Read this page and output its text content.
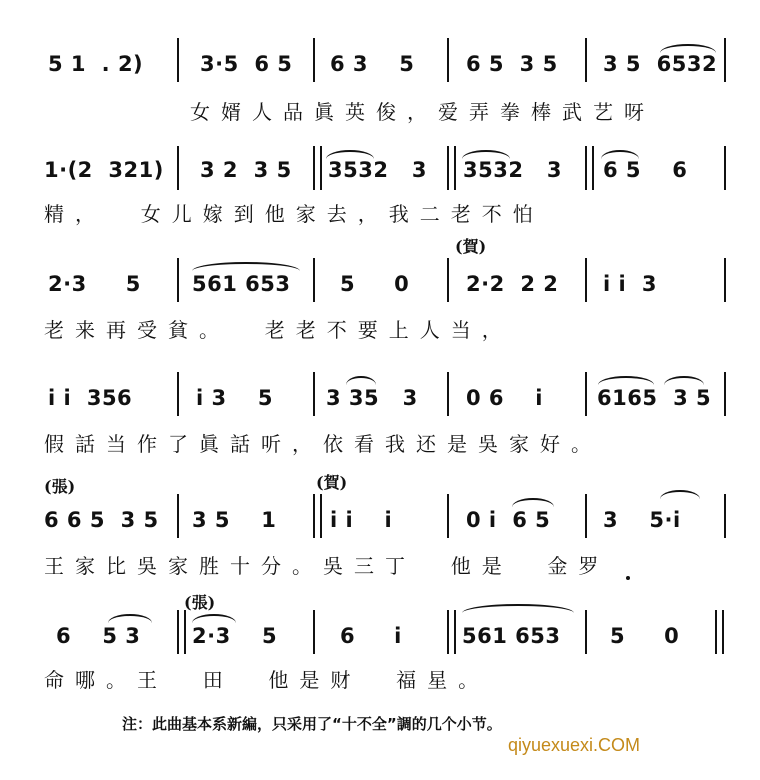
5 1  . 2)	3·5  6 5 6 3    5 6 5  3 5 3 5  6532
女婿人品眞英俊，爱弄拳棒武艺呀
1·(2  321) 3 2  3 5 3532   3 3532   3 6 5    6
精，  女儿嫁到他家去，我二老不怕
(賀)
2·3     5 561 653 5     0	2·2  2 2 i i  3
老来再受貧。  老老不要上人当，
i i  356	i 3    5	3 35   3 0 6    i	6165  3 5
假話当作了眞話听，依看我还是吳家好。
(張)
6 6 5  3 5 3 5    1	i i    i
(賀)
0 i  6 5	3    5·i
王家比吳家胜十分。吳三丁  他是  金罗
(張)
6    5 3 2·3    5	6     i	561 653 5     0
命哪。王  田  他是财  福星。
注：此曲基本系新編，只采用了“十不全”調的几个小节。
qiyuexuexi.COM
